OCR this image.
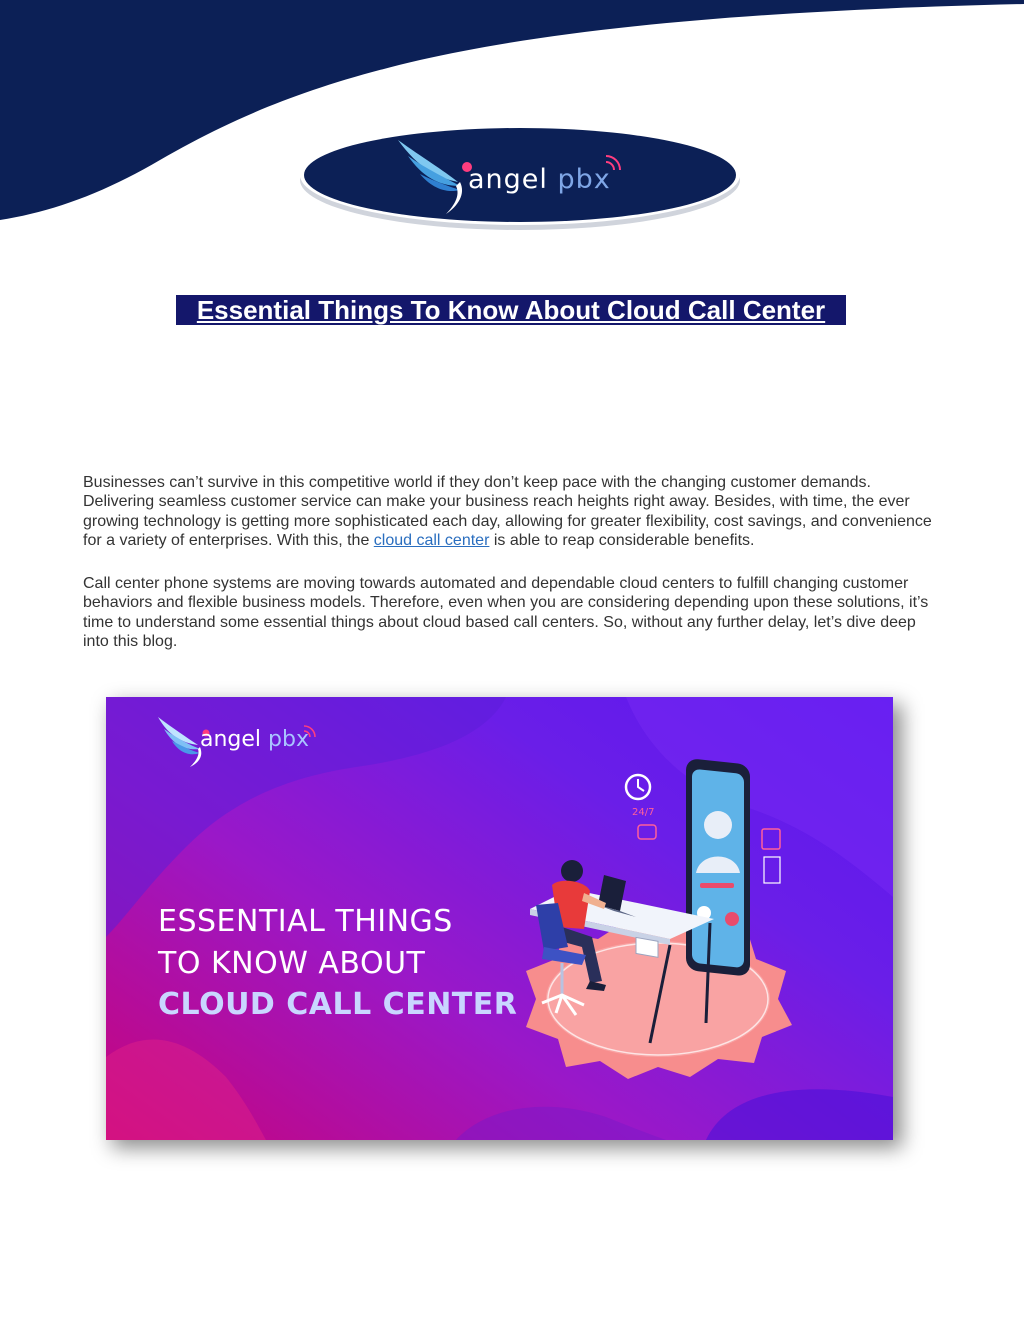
angel pbx
Essential Things To Know About Cloud Call Center

Businesses can’t survive in this competitive world if they don’t keep pace with the changing customer demands. Delivering seamless customer service can make your business reach heights right away. Besides, with time, the ever growing technology is getting more sophisticated each day, allowing for greater flexibility, cost savings, and convenience for a variety of enterprises. With this, the cloud call center is able to reap considerable benefits.

Call center phone systems are moving towards automated and dependable cloud centers to fulfill changing customer behaviors and flexible business models. Therefore, even when you are considering depending upon these solutions, it’s time to understand some essential things about cloud based call centers. So, without any further delay, let’s dive deep into this blog.

angel pbx
ESSENTIAL THINGS
TO KNOW ABOUT
CLOUD CALL CENTER
24/7
